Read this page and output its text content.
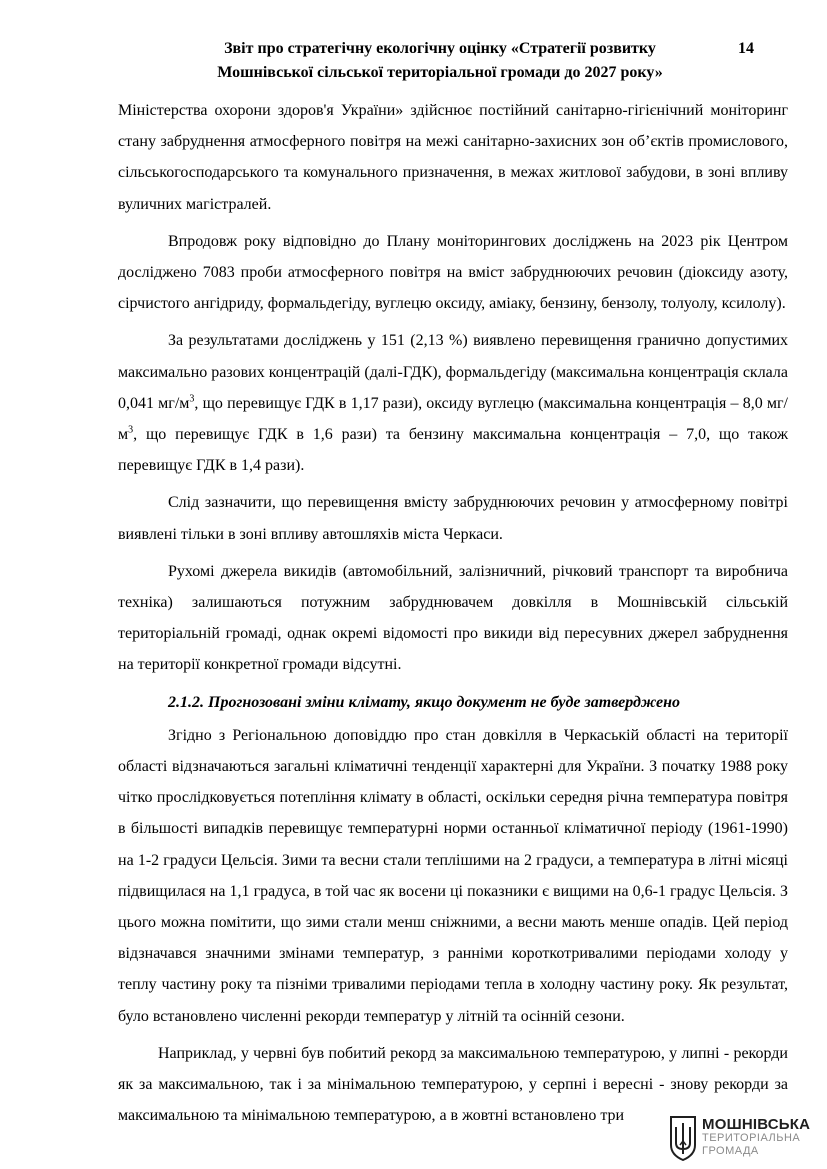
Звіт про стратегічну екологічну оцінку «Стратегії розвитку
Мошнівської сільської територіальної громади до 2027 року»
14

Міністерства охорони здоров'я України» здійснює постійний санітарно-гігієнічний моніторинг стану забруднення атмосферного повітря на межі санітарно-захисних зон об’єктів промислового, сільськогосподарського та комунального призначення, в межах житлової забудови, в зоні впливу вуличних магістралей.

Впродовж року відповідно до Плану моніторингових досліджень на 2023 рік Центром досліджено 7083 проби атмосферного повітря на вміст забруднюючих речовин (діоксиду азоту, сірчистого ангідриду, формальдегіду, вуглецю оксиду, аміаку, бензину, бензолу, толуолу, ксилолу).

За результатами досліджень у 151 (2,13 %) виявлено перевищення гранично допустимих максимально разових концентрацій (далі-ГДК), формальдегіду (максимальна концентрація склала 0,041 $мг/м^3$, що перевищує ГДК в 1,17 рази), оксиду вуглецю (максимальна концентрація – 8,0 $мг/м^3$, що перевищує ГДК в 1,6 рази) та бензину максимальна концентрація – 7,0, що також перевищує ГДК в 1,4 рази).

Слід зазначити, що перевищення вмісту забруднюючих речовин у атмосферному повітрі виявлені тільки в зоні впливу автошляхів міста Черкаси.

Рухомі джерела викидів (автомобільний, залізничний, річковий транспорт та виробнича техніка) залишаються потужним забруднювачем довкілля в Мошнівській сільській територіальній громаді, однак окремі відомості про викиди від пересувних джерел забруднення на території конкретної громади відсутні.

2.1.2. Прогнозовані зміни клімату, якщо документ не буде затверджено

Згідно з Регіональною доповіддю про стан довкілля в Черкаській області на території області відзначаються загальні кліматичні тенденції характерні для України. З початку 1988 року чітко прослідковується потепління клімату в області, оскільки середня річна температура повітря в більшості випадків перевищує температурні норми останньої кліматичної періоду (1961-1990) на 1-2 градуси Цельсія. Зими та весни стали теплішими на 2 градуси, а температура в літні місяці підвищилася на 1,1 градуса, в той час як восени ці показники є вищими на 0,6-1 градус Цельсія. З цього можна помітити, що зими стали менш сніжними, а весни мають менше опадів. Цей період відзначався значними змінами температур, з ранніми короткотривалими періодами холоду у теплу частину року та пізніми тривалими періодами тепла в холодну частину року. Як результат, було встановлено численні рекорди температур у літній та осінній сезони.

Наприклад, у червні був побитий рекорд за максимальною температурою, у липні - рекорди як за максимальною, так і за мінімальною температурою, у серпні і вересні - знову рекорди за максимальною та мінімальною температурою, а в жовтні встановлено три

МОШНІВСЬКА
ТЕРИТОРІАЛЬНА
ГРОМАДА
